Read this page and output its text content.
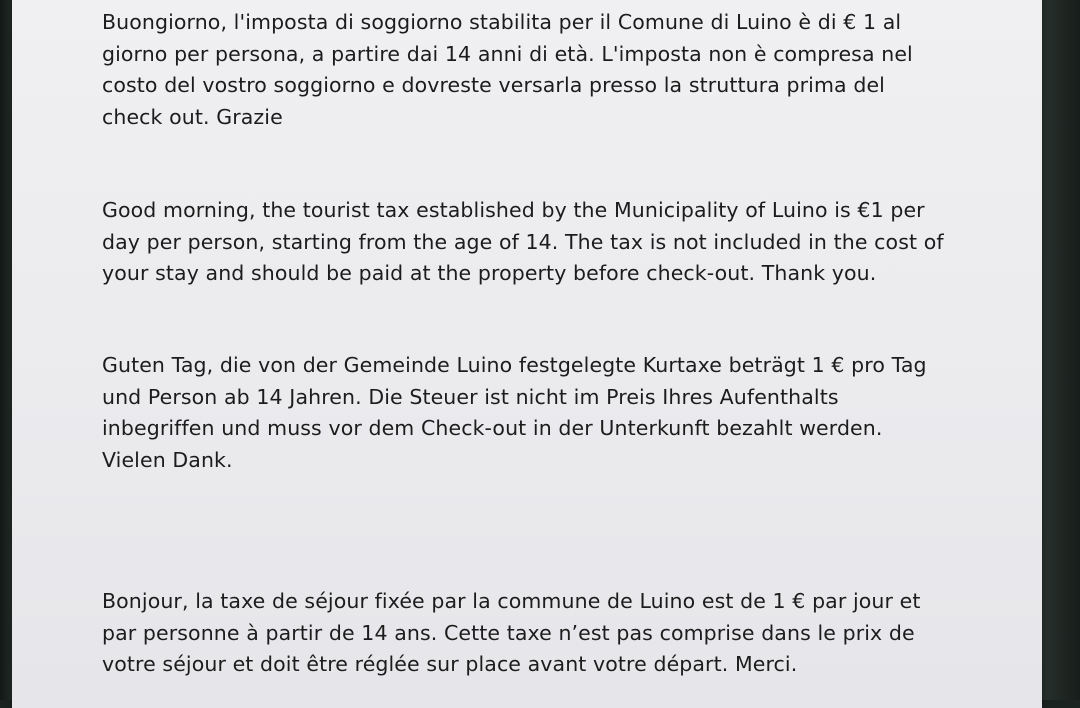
Buongiorno, l'imposta di soggiorno stabilita per il Comune di Luino è di € 1 al
giorno per persona, a partire dai 14 anni di età. L'imposta non è compresa nel
costo del vostro soggiorno e dovreste versarla presso la struttura prima del
check out. Grazie

Good morning, the tourist tax established by the Municipality of Luino is €1 per
day per person, starting from the age of 14. The tax is not included in the cost of
your stay and should be paid at the property before check-out. Thank you.

Guten Tag, die von der Gemeinde Luino festgelegte Kurtaxe beträgt 1 € pro Tag
und Person ab 14 Jahren. Die Steuer ist nicht im Preis Ihres Aufenthalts
inbegriffen und muss vor dem Check-out in der Unterkunft bezahlt werden.
Vielen Dank.

Bonjour, la taxe de séjour fixée par la commune de Luino est de 1 € par jour et
par personne à partir de 14 ans. Cette taxe n’est pas comprise dans le prix de
votre séjour et doit être réglée sur place avant votre départ. Merci.
